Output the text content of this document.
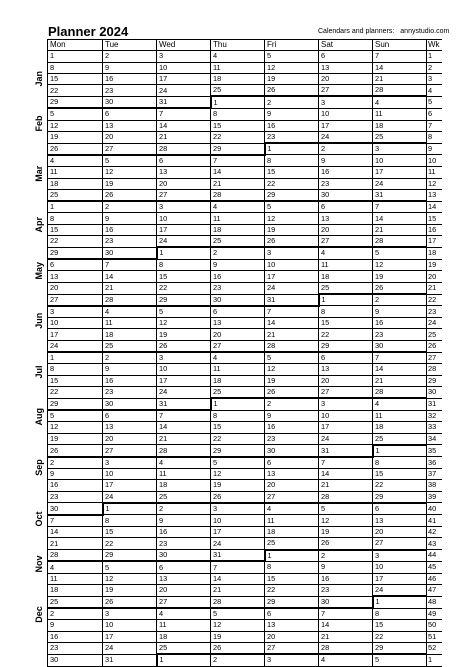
Planner 2024	Calendars and planners: annystudio.com
Jan
Feb
Mar
Apr
May
Jun
Jul
Aug
Sep
Oct
Nov
Dec
Mon	Tue	Wed	Thu	Fri	Sat	Sun	Wk
1	2	3	4	5	6	7	1
8	9	10	11	12	13	14	2
15	16	17	18	19	20	21	3
22	23	24	25	26	27	28	4
29	30	31	1	2	3	4	5
5	6	7	8	9	10	11	6
12	13	14	15	16	17	18	7
19	20	21	22	23	24	25	8
26	27	28	29	1	2	3	9
4	5	6	7	8	9	10	10
11	12	13	14	15	16	17	11
18	19	20	21	22	23	24	12
25	26	27	28	29	30	31	13
1	2	3	4	5	6	7	14
8	9	10	11	12	13	14	15
15	16	17	18	19	20	21	16
22	23	24	25	26	27	28	17
29	30	1	2	3	4	5	18
6	7	8	9	10	11	12	19
13	14	15	16	17	18	19	20
20	21	22	23	24	25	26	21
27	28	29	30	31	1	2	22
3	4	5	6	7	8	9	23
10	11	12	13	14	15	16	24
17	18	19	20	21	22	23	25
24	25	26	27	28	29	30	26
1	2	3	4	5	6	7	27
8	9	10	11	12	13	14	28
15	16	17	18	19	20	21	29
22	23	24	25	26	27	28	30
29	30	31	1	2	3	4	31
5	6	7	8	9	10	11	32
12	13	14	15	16	17	18	33
19	20	21	22	23	24	25	34
26	27	28	29	30	31	1	35
2	3	4	5	6	7	8	36
9	10	11	12	13	14	15	37
16	17	18	19	20	21	22	38
23	24	25	26	27	28	29	39
30	1	2	3	4	5	6	40
7	8	9	10	11	12	13	41
14	15	16	17	18	19	20	42
21	22	23	24	25	26	27	43
28	29	30	31	1	2	3	44
4	5	6	7	8	9	10	45
11	12	13	14	15	16	17	46
18	19	20	21	22	23	24	47
25	26	27	28	29	30	1	48
2	3	4	5	6	7	8	49
9	10	11	12	13	14	15	50
16	17	18	19	20	21	22	51
23	24	25	26	27	28	29	52
30	31	1	2	3	4	5	1
